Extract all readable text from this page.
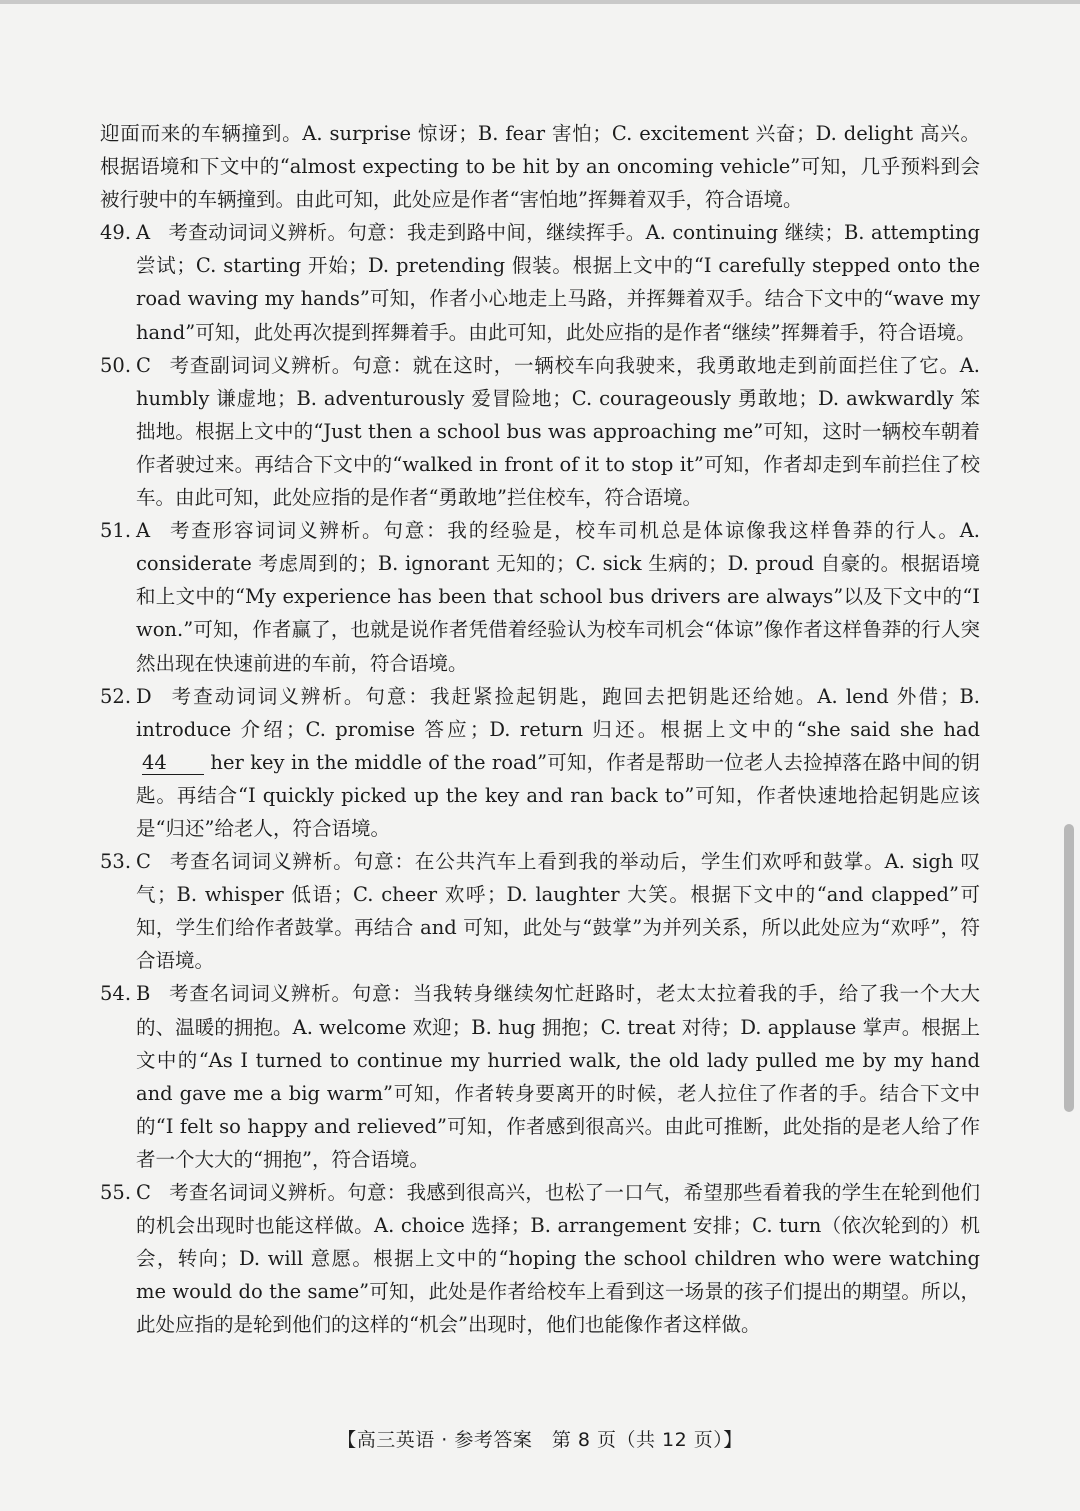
迎面而来的车辆撞到。A. surprise 惊讶；B. fear 害怕；C. excitement 兴奋；D. delight 高兴。根据语境和下文中的“almost expecting to be hit by an oncoming vehicle”可知，几乎预料到会被行驶中的车辆撞到。由此可知，此处应是作者“害怕地”挥舞着双手，符合语境。

49. A 考查动词词义辨析。句意：我走到路中间，继续挥手。A. continuing 继续；B. attempting 尝试；C. starting 开始；D. pretending 假装。根据上文中的“I carefully stepped onto the road waving my hands”可知，作者小心地走上马路，并挥舞着双手。结合下文中的“wave my hand”可知，此处再次提到挥舞着手。由此可知，此处应指的是作者“继续”挥舞着手，符合语境。
50. C 考查副词词义辨析。句意：就在这时，一辆校车向我驶来，我勇敢地走到前面拦住了它。A. humbly 谦虚地；B. adventurously 爱冒险地；C. courageously 勇敢地；D. awkwardly 笨拙地。根据上文中的“Just then a school bus was approaching me”可知，这时一辆校车朝着作者驶过来。再结合下文中的“walked in front of it to stop it”可知，作者却走到车前拦住了校车。由此可知，此处应指的是作者“勇敢地”拦住校车，符合语境。
51. A 考查形容词词义辨析。句意：我的经验是，校车司机总是体谅像我这样鲁莽的行人。A. considerate 考虑周到的；B. ignorant 无知的；C. sick 生病的；D. proud 自豪的。根据语境和上文中的“My experience has been that school bus drivers are always”以及下文中的“I won.”可知，作者赢了，也就是说作者凭借着经验认为校车司机会“体谅”像作者这样鲁莽的行人突然出现在快速前进的车前，符合语境。
52. D 考查动词词义辨析。句意：我赶紧捡起钥匙，跑回去把钥匙还给她。A. lend 外借；B. introduce 介绍；C. promise 答应；D. return 归还。根据上文中的“she said she had44 her key in the middle of the road”可知，作者是帮助一位老人去捡掉落在路中间的钥匙。再结合“I quickly picked up the key and ran back to”可知，作者快速地拾起钥匙应该是“归还”给老人，符合语境。
53. C 考查名词词义辨析。句意：在公共汽车上看到我的举动后，学生们欢呼和鼓掌。A. sigh 叹气；B. whisper 低语；C. cheer 欢呼；D. laughter 大笑。根据下文中的“and clapped”可知，学生们给作者鼓掌。再结合 and 可知，此处与“鼓掌”为并列关系，所以此处应为“欢呼”，符合语境。
54. B 考查名词词义辨析。句意：当我转身继续匆忙赶路时，老太太拉着我的手，给了我一个大大的、温暖的拥抱。A. welcome 欢迎；B. hug 拥抱；C. treat 对待；D. applause 掌声。根据上文中的“As I turned to continue my hurried walk, the old lady pulled me by my hand and gave me a big warm”可知，作者转身要离开的时候，老人拉住了作者的手。结合下文中的“I felt so happy and relieved”可知，作者感到很高兴。由此可推断，此处指的是老人给了作者一个大大的“拥抱”，符合语境。
55. C 考查名词词义辨析。句意：我感到很高兴，也松了一口气，希望那些看着我的学生在轮到他们的机会出现时也能这样做。A. choice 选择；B. arrangement 安排；C. turn（依次轮到的）机会，转向；D. will 意愿。根据上文中的“hoping the school children who were watching me would do the same”可知，此处是作者给校车上看到这一场景的孩子们提出的期望。所以，此处应指的是轮到他们的这样的“机会”出现时，他们也能像作者这样做。
【高三英语 · 参考答案　第 8 页（共 12 页）】
